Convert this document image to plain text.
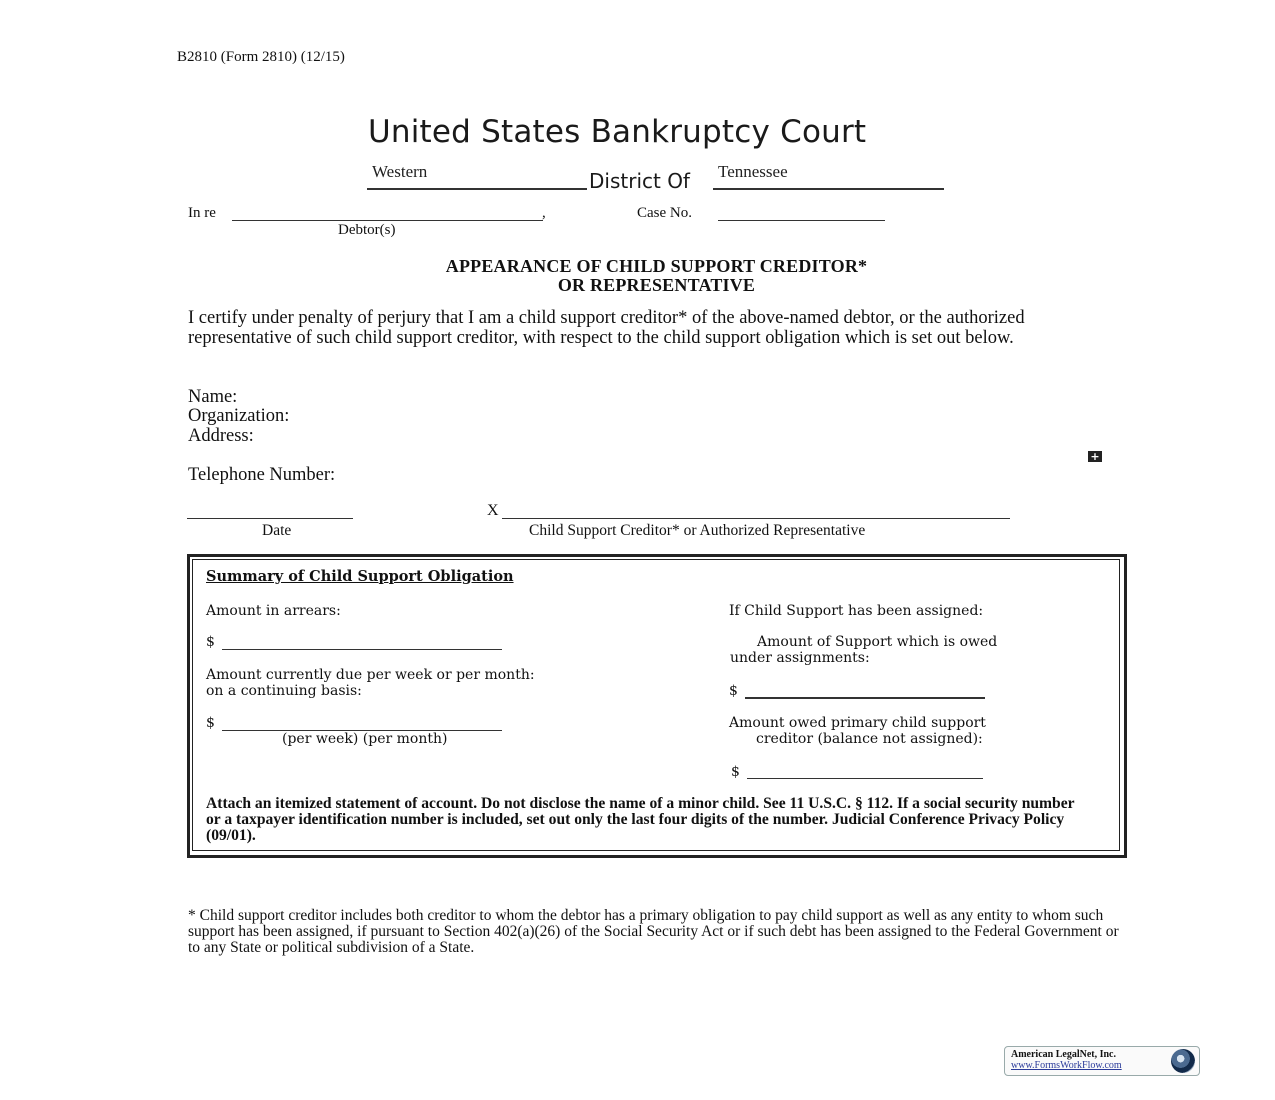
B2810 (Form 2810) (12/15)
United States Bankruptcy Court
Western	District Of Tennessee
In re	,
Debtor(s)
Case No.
APPEARANCE OF CHILD SUPPORT CREDITOR*
OR REPRESENTATIVE
I certify under penalty of perjury that I am a child support creditor* of the above-named debtor, or the authorized representative of such child support creditor, with respect to the child support obligation which is set out below.
Name:
Organization:
Address:
Telephone Number:
+
Date
X
Child Support Creditor* or Authorized Representative
Summary of Child Support Obligation
Amount in arrears:
$
Amount currently due per week or per month:
on a continuing basis:
$
(per week) (per month)
If Child Support has been assigned:
Amount of Support which is owed
under assignments:
$
Amount owed primary child support
creditor (balance not assigned):
$
Attach an itemized statement of account. Do not disclose the name of a minor child. See 11 U.S.C. § 112. If a social security number or a taxpayer identification number is included, set out only the last four digits of the number. Judicial Conference Privacy Policy (09/01).
* Child support creditor includes both creditor to whom the debtor has a primary obligation to pay child support as well as any entity to whom such support has been assigned, if pursuant to Section 402(a)(26) of the Social Security Act or if such debt has been assigned to the Federal Government or to any State or political subdivision of a State.
American LegalNet, Inc.
www.FormsWorkFlow.com
